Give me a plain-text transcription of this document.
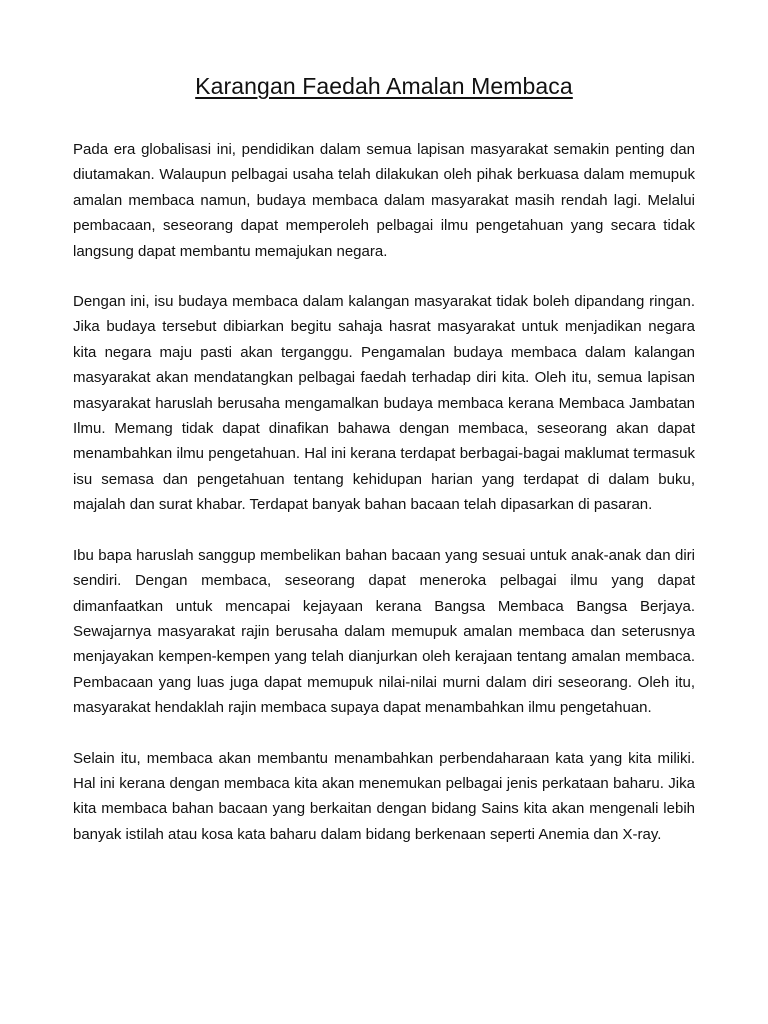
Karangan Faedah Amalan Membaca

Pada era globalisasi ini, pendidikan dalam semua lapisan masyarakat semakin penting dan diutamakan. Walaupun pelbagai usaha telah dilakukan oleh pihak berkuasa dalam memupuk amalan membaca namun, budaya membaca dalam masyarakat masih rendah lagi. Melalui pembacaan, seseorang dapat memperoleh pelbagai ilmu pengetahuan yang secara tidak langsung dapat membantu memajukan negara.

Dengan ini, isu budaya membaca dalam kalangan masyarakat tidak boleh dipandang ringan. Jika budaya tersebut dibiarkan begitu sahaja hasrat masyarakat untuk menjadikan negara kita negara maju pasti akan terganggu. Pengamalan budaya membaca dalam kalangan masyarakat akan mendatangkan pelbagai faedah terhadap diri kita. Oleh itu, semua lapisan masyarakat haruslah berusaha mengamalkan budaya membaca kerana Membaca Jambatan Ilmu. Memang tidak dapat dinafikan bahawa dengan membaca, seseorang akan dapat menambahkan ilmu pengetahuan. Hal ini kerana terdapat berbagai-bagai maklumat termasuk isu semasa dan pengetahuan tentang kehidupan harian yang terdapat di dalam buku, majalah dan surat khabar. Terdapat banyak bahan bacaan telah dipasarkan di pasaran.

Ibu bapa haruslah sanggup membelikan bahan bacaan yang sesuai untuk anak-anak dan diri sendiri. Dengan membaca, seseorang dapat meneroka pelbagai ilmu yang dapat dimanfaatkan untuk mencapai kejayaan kerana Bangsa Membaca Bangsa Berjaya. Sewajarnya masyarakat rajin berusaha dalam memupuk amalan membaca dan seterusnya menjayakan kempen-kempen yang telah dianjurkan oleh kerajaan tentang amalan membaca. Pembacaan yang luas juga dapat memupuk nilai-nilai murni dalam diri seseorang. Oleh itu, masyarakat hendaklah rajin membaca supaya dapat menambahkan ilmu pengetahuan.

Selain itu, membaca akan membantu menambahkan perbendaharaan kata yang kita miliki. Hal ini kerana dengan membaca kita akan menemukan pelbagai jenis perkataan baharu. Jika kita membaca bahan bacaan yang berkaitan dengan bidang Sains kita akan mengenali lebih banyak istilah atau kosa kata baharu dalam bidang berkenaan seperti Anemia dan X-ray.
